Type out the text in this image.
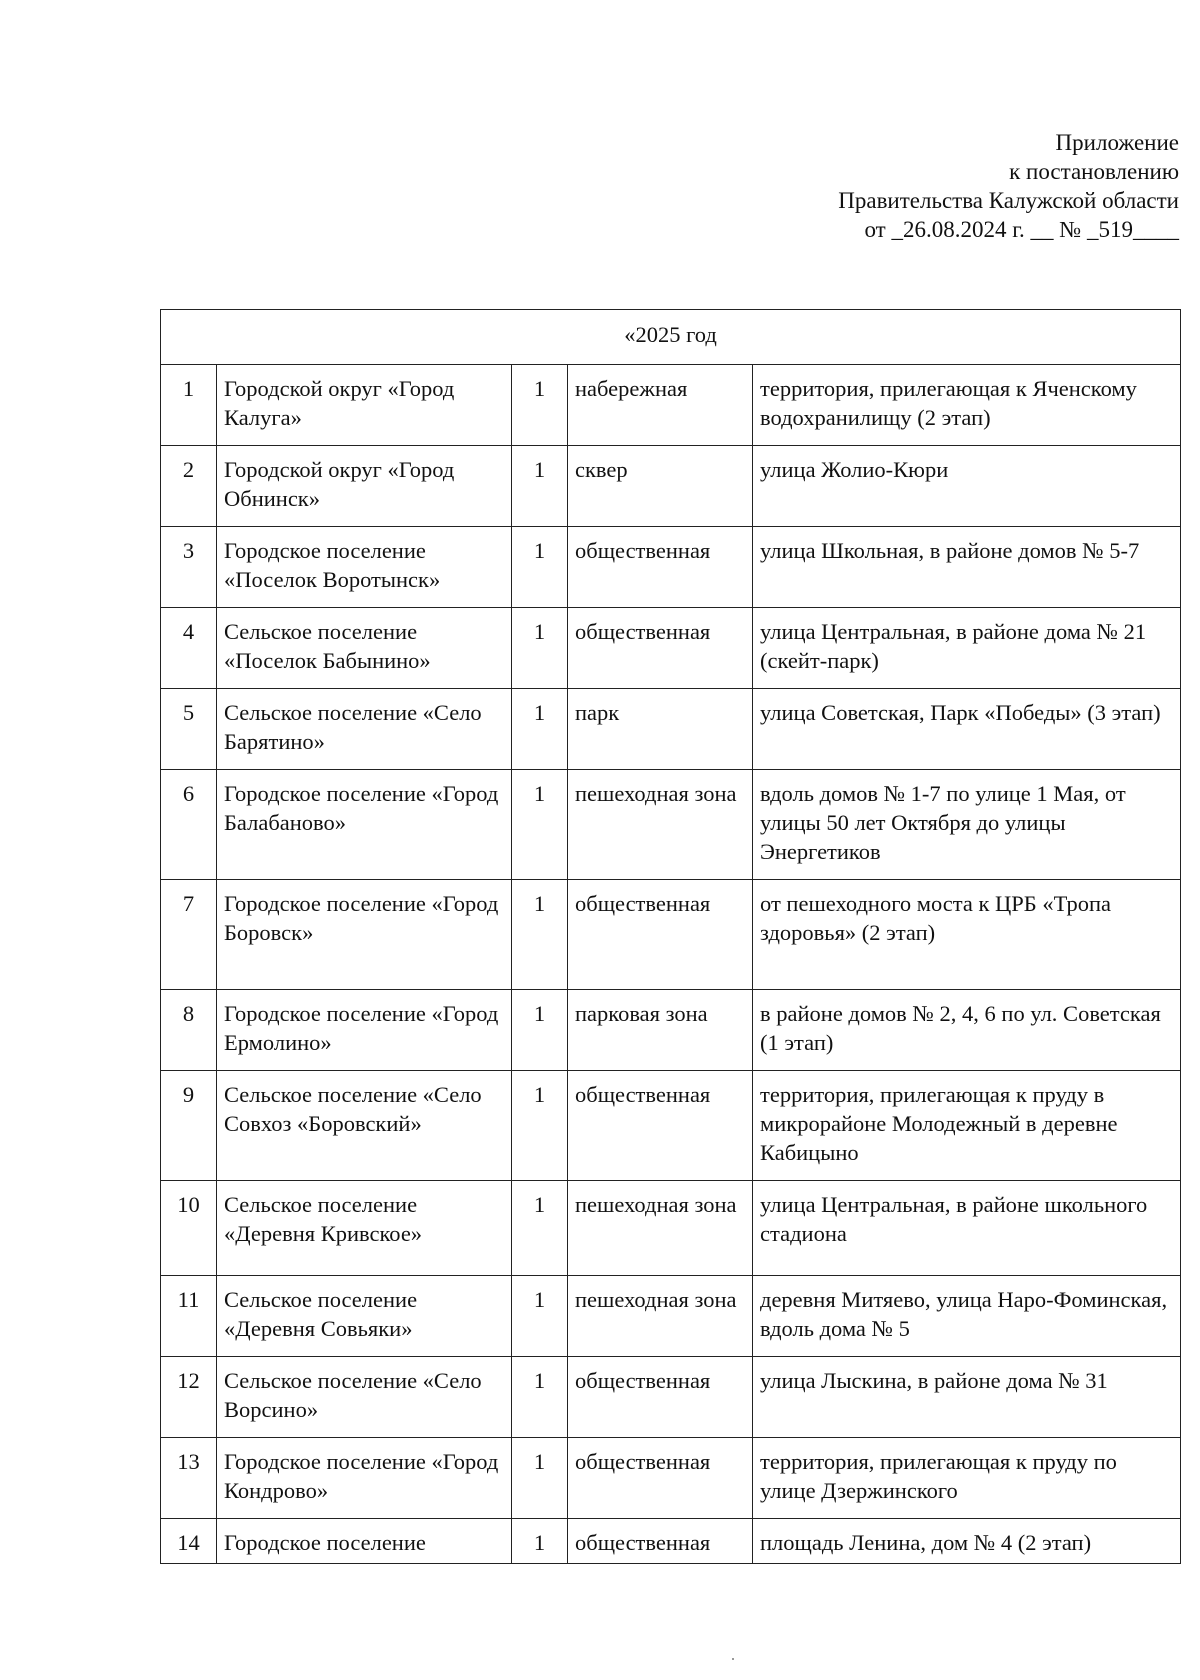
Приложение
к постановлению
Правительства Калужской области
от _26.08.2024 г. __ № _519____
«2025 год				
1	Городской округ «Город Калуга»	1	набережная	территория, прилегающая к Яченскому водохранилищу (2 этап)
2	Городской округ «Город Обнинск»	1	сквер	улица Жолио-Кюри
3	Городское поселение «Поселок Воротынск»	1	общественная	улица Школьная, в районе домов № 5-7
4	Сельское поселение «Поселок Бабынино»	1	общественная	улица Центральная, в районе дома № 21 (скейт-парк)
5	Сельское поселение «Село Барятино»	1	парк	улица Советская, Парк «Победы» (3 этап)
6	Городское поселение «Город Балабаново»	1	пешеходная зона	вдоль домов № 1-7 по улице 1 Мая, от улицы 50 лет Октября до улицы Энергетиков
7	Городское поселение «Город Боровск»	1	общественная	от пешеходного моста к ЦРБ «Тропа здоровья» (2 этап)
8	Городское поселение «Город Ермолино»	1	парковая зона	в районе домов № 2, 4, 6 по ул. Советская (1 этап)
9	Сельское поселение «Село Совхоз «Боровский»	1	общественная	территория, прилегающая к пруду в микрорайоне Молодежный в деревне Кабицыно
10	Сельское поселение «Деревня Кривское»	1	пешеходная зона	улица Центральная, в районе школьного стадиона
11	Сельское поселение «Деревня Совьяки»	1	пешеходная зона	деревня Митяево, улица Наро-Фоминская, вдоль дома № 5
12	Сельское поселение «Село Ворсино»	1	общественная	улица Лыскина, в районе дома № 31
13	Городское поселение «Город Кондрово»	1	общественная	территория, прилегающая к пруду по улице Дзержинского
14	Городское поселение	1	общественная	площадь Ленина, дом № 4 (2 этап)
